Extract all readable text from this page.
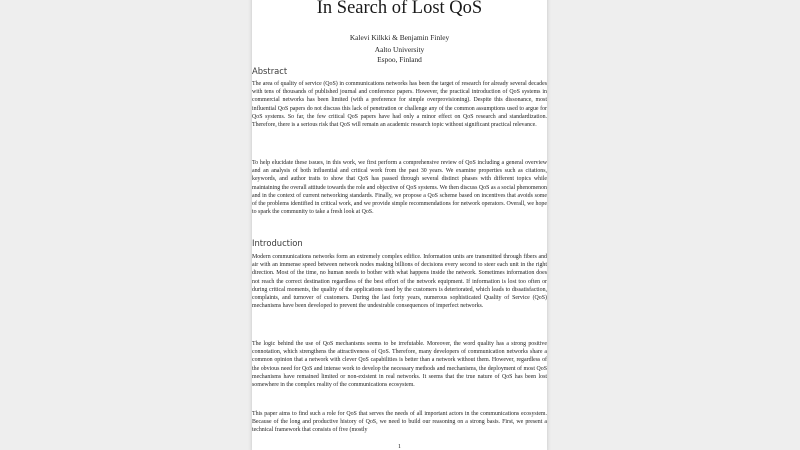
In Search of Lost QoS
Kalevi Kilkki & Benjamin Finley
Aalto University
Espoo, Finland
Abstract

The area of quality of service (QoS) in communications networks has been the target of research for already several decades with tens of thousands of published journal and conference papers. However, the practical introduction of QoS systems in commercial networks has been limited (with a preference for simple overprovisioning). Despite this dissonance, most influential QoS papers do not discuss this lack of penetration or challenge any of the common assumptions used to argue for QoS systems. So far, the few critical QoS papers have had only a minor effect on QoS research and standardization. Therefore, there is a serious risk that QoS will remain an academic research topic without significant practical relevance.

To help elucidate these issues, in this work, we first perform a comprehensive review of QoS including a general overview and an analysis of both influential and critical work from the past 30 years. We examine properties such as citations, keywords, and author traits to show that QoS has passed through several distinct phases with different topics while maintaining the overall attitude towards the role and objective of QoS systems. We then discuss QoS as a social phenomenon and in the context of current networking standards. Finally, we propose a QoS scheme based on incentives that avoids some of the problems identified in critical work, and we provide simple recommendations for network operators. Overall, we hope to spark the community to take a fresh look at QoS.

Introduction

Modern communications networks form an extremely complex edifice. Information units are transmitted through fibers and air with an immense speed between network nodes making billions of decisions every second to steer each unit in the right direction. Most of the time, no human needs to bother with what happens inside the network. Sometimes information does not reach the correct destination regardless of the best effort of the network equipment. If information is lost too often or during critical moments, the quality of the applications used by the customers is deteriorated, which leads to dissatisfaction, complaints, and turnover of customers. During the last forty years, numerous sophisticated Quality of Service (QoS) mechanisms have been developed to prevent the undesirable consequences of imperfect networks.

The logic behind the use of QoS mechanisms seems to be irrefutable. Moreover, the word quality has a strong positive connotation, which strengthens the attractiveness of QoS. Therefore, many developers of communication networks share a common opinion that a network with clever QoS capabilities is better than a network without them. However, regardless of the obvious need for QoS and intense work to develop the necessary methods and mechanisms, the deployment of most QoS mechanisms have remained limited or non-existent in real networks. It seems that the true nature of QoS has been lost somewhere in the complex reality of the communications ecosystem.

This paper aims to find such a role for QoS that serves the needs of all important actors in the communications ecosystem. Because of the long and productive history of QoS, we need to build our reasoning on a strong basis. First, we present a technical framework that consists of five (mostly

1
